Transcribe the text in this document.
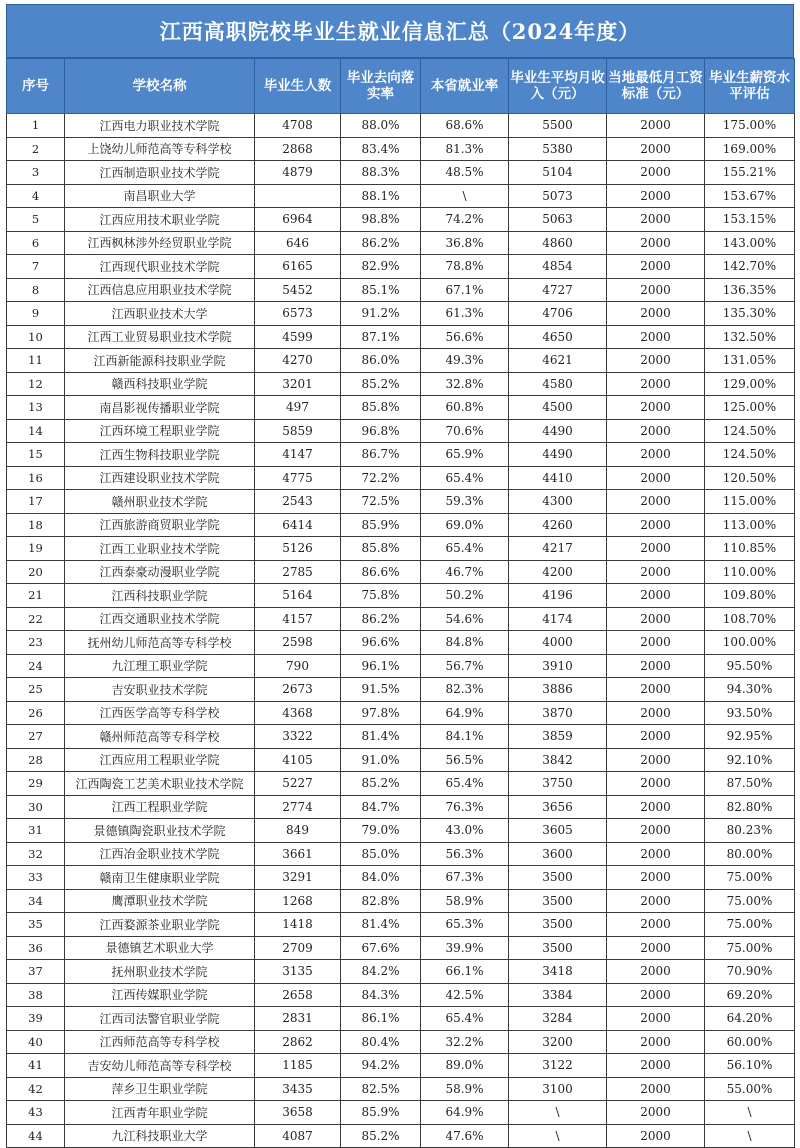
江西高职院校毕业生就业信息汇总（2024年度）
序号	学校名称	毕业生人数	毕业去向落实率	本省就业率	毕业生平均月收入（元）	当地最低月工资标准（元）	毕业生薪资水平评估
1	江西电力职业技术学院	4708	88.0%	68.6%	5500	2000	175.00%
2	上饶幼儿师范高等专科学校	2868	83.4%	81.3%	5380	2000	169.00%
3	江西制造职业技术学院	4879	88.3%	48.5%	5104	2000	155.21%
4	南昌职业大学		88.1%	\	5073	2000	153.67%
5	江西应用技术职业学院	6964	98.8%	74.2%	5063	2000	153.15%
6	江西枫林涉外经贸职业学院	646	86.2%	36.8%	4860	2000	143.00%
7	江西现代职业技术学院	6165	82.9%	78.8%	4854	2000	142.70%
8	江西信息应用职业技术学院	5452	85.1%	67.1%	4727	2000	136.35%
9	江西职业技术大学	6573	91.2%	61.3%	4706	2000	135.30%
10	江西工业贸易职业技术学院	4599	87.1%	56.6%	4650	2000	132.50%
11	江西新能源科技职业学院	4270	86.0%	49.3%	4621	2000	131.05%
12	赣西科技职业学院	3201	85.2%	32.8%	4580	2000	129.00%
13	南昌影视传播职业学院	497	85.8%	60.8%	4500	2000	125.00%
14	江西环境工程职业学院	5859	96.8%	70.6%	4490	2000	124.50%
15	江西生物科技职业学院	4147	86.7%	65.9%	4490	2000	124.50%
16	江西建设职业技术学院	4775	72.2%	65.4%	4410	2000	120.50%
17	赣州职业技术学院	2543	72.5%	59.3%	4300	2000	115.00%
18	江西旅游商贸职业学院	6414	85.9%	69.0%	4260	2000	113.00%
19	江西工业职业技术学院	5126	85.8%	65.4%	4217	2000	110.85%
20	江西泰豪动漫职业学院	2785	86.6%	46.7%	4200	2000	110.00%
21	江西科技职业学院	5164	75.8%	50.2%	4196	2000	109.80%
22	江西交通职业技术学院	4157	86.2%	54.6%	4174	2000	108.70%
23	抚州幼儿师范高等专科学校	2598	96.6%	84.8%	4000	2000	100.00%
24	九江理工职业学院	790	96.1%	56.7%	3910	2000	95.50%
25	吉安职业技术学院	2673	91.5%	82.3%	3886	2000	94.30%
26	江西医学高等专科学校	4368	97.8%	64.9%	3870	2000	93.50%
27	赣州师范高等专科学校	3322	81.4%	84.1%	3859	2000	92.95%
28	江西应用工程职业学院	4105	91.0%	56.5%	3842	2000	92.10%
29	江西陶瓷工艺美术职业技术学院	5227	85.2%	65.4%	3750	2000	87.50%
30	江西工程职业学院	2774	84.7%	76.3%	3656	2000	82.80%
31	景德镇陶瓷职业技术学院	849	79.0%	43.0%	3605	2000	80.23%
32	江西冶金职业技术学院	3661	85.0%	56.3%	3600	2000	80.00%
33	赣南卫生健康职业学院	3291	84.0%	67.3%	3500	2000	75.00%
34	鹰潭职业技术学院	1268	82.8%	58.9%	3500	2000	75.00%
35	江西婺源茶业职业学院	1418	81.4%	65.3%	3500	2000	75.00%
36	景德镇艺术职业大学	2709	67.6%	39.9%	3500	2000	75.00%
37	抚州职业技术学院	3135	84.2%	66.1%	3418	2000	70.90%
38	江西传媒职业学院	2658	84.3%	42.5%	3384	2000	69.20%
39	江西司法警官职业学院	2831	86.1%	65.4%	3284	2000	64.20%
40	江西师范高等专科学校	2862	80.4%	32.2%	3200	2000	60.00%
41	吉安幼儿师范高等专科学校	1185	94.2%	89.0%	3122	2000	56.10%
42	萍乡卫生职业学院	3435	82.5%	58.9%	3100	2000	55.00%
43	江西青年职业学院	3658	85.9%	64.9%	\	2000	\
44	九江科技职业大学	4087	85.2%	47.6%	\	2000	\
